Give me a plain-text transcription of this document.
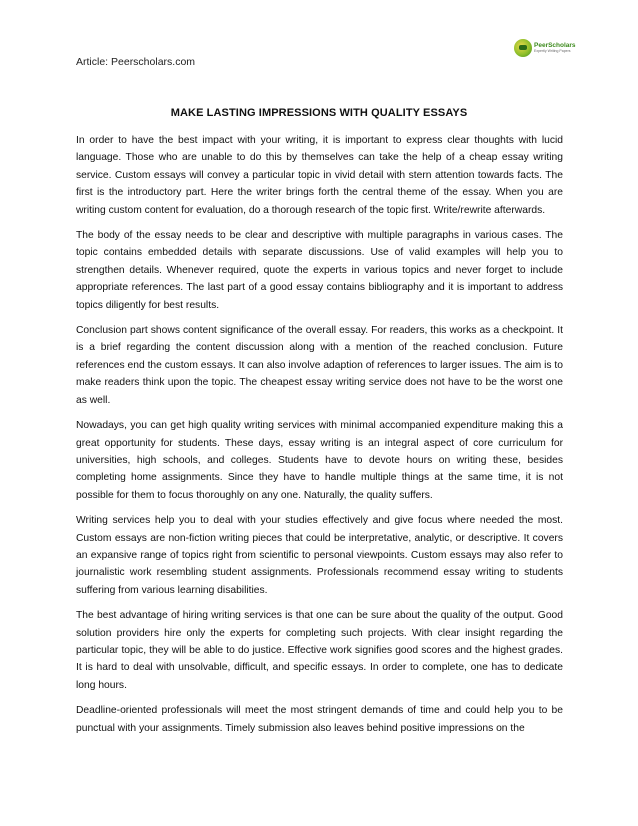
Article: Peerscholars.com
PeerScholars
Expertly Writing Papers
MAKE LASTING IMPRESSIONS WITH QUALITY ESSAYS

In order to have the best impact with your writing, it is important to express clear thoughts with lucid language. Those who are unable to do this by themselves can take the help of a cheap essay writing service. Custom essays will convey a particular topic in vivid detail with stern attention towards facts. The first is the introductory part. Here the writer brings forth the central theme of the essay. When you are writing custom content for evaluation, do a thorough research of the topic first. Write/rewrite afterwards.

The body of the essay needs to be clear and descriptive with multiple paragraphs in various cases. The topic contains embedded details with separate discussions. Use of valid examples will help you to strengthen details. Whenever required, quote the experts in various topics and never forget to include appropriate references. The last part of a good essay contains bibliography and it is important to address topics diligently for best results.

Conclusion part shows content significance of the overall essay. For readers, this works as a checkpoint. It is a brief regarding the content discussion along with a mention of the reached conclusion. Future references end the custom essays. It can also involve adaption of references to larger issues. The aim is to make readers think upon the topic. The cheapest essay writing service does not have to be the worst one as well.

Nowadays, you can get high quality writing services with minimal accompanied expenditure making this a great opportunity for students. These days, essay writing is an integral aspect of core curriculum for universities, high schools, and colleges. Students have to devote hours on writing these, besides completing home assignments. Since they have to handle multiple things at the same time, it is not possible for them to focus thoroughly on any one. Naturally, the quality suffers.

Writing services help you to deal with your studies effectively and give focus where needed the most. Custom essays are non-fiction writing pieces that could be interpretative, analytic, or descriptive. It covers an expansive range of topics right from scientific to personal viewpoints. Custom essays may also refer to journalistic work resembling student assignments. Professionals recommend essay writing to students suffering from various learning disabilities.

The best advantage of hiring writing services is that one can be sure about the quality of the output. Good solution providers hire only the experts for completing such projects. With clear insight regarding the particular topic, they will be able to do justice. Effective work signifies good scores and the highest grades. It is hard to deal with unsolvable, difficult, and specific essays. In order to complete, one has to dedicate long hours.

Deadline-oriented professionals will meet the most stringent demands of time and could help you to be punctual with your assignments. Timely submission also leaves behind positive impressions on the
